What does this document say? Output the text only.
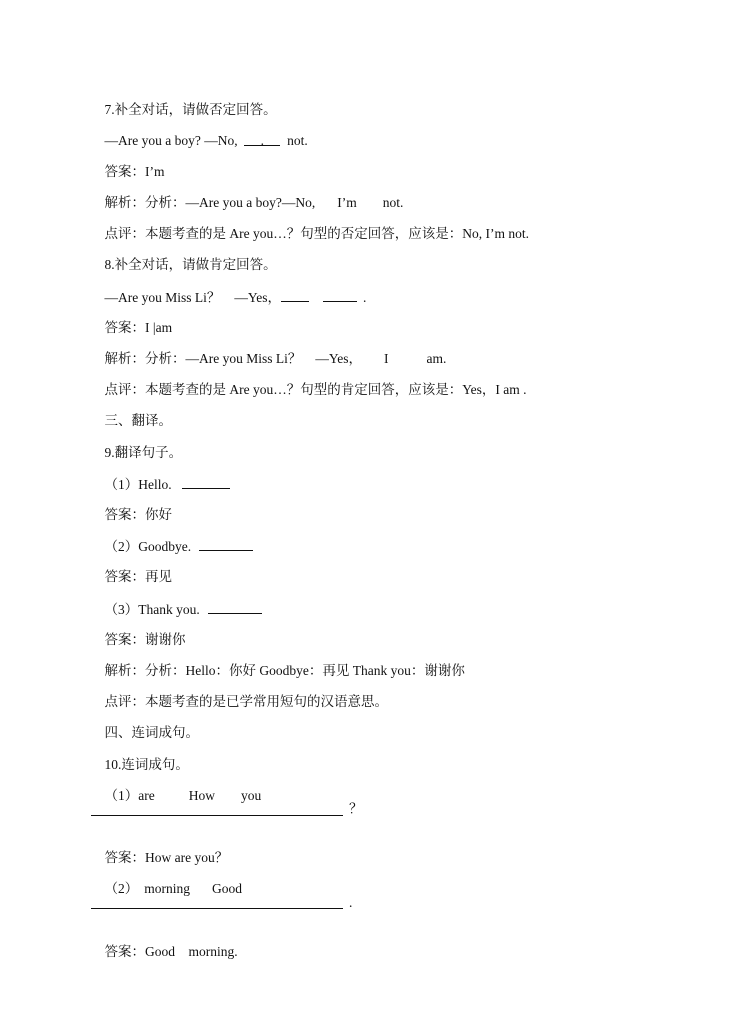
7.补全对话，请做否定回答。

—Are you a boy? —No, . not.

答案：I’m

解析：分析：—Are you a boy?—No, I’m not.

点评：本题考查的是 Are you…？句型的否定回答，应该是：No, I’m not.

8.补全对话，请做肯定回答。

—Are you Miss Li？ —Yes，	.

答案：I |am

解析：分析：—Are you Miss Li？ —Yes， I	am.

点评：本题考查的是 Are you…？句型的肯定回答，应该是：Yes，I am .

三、翻译。

9.翻译句子。

（1）Hello.

答案：你好

（2）Goodbye.

答案：再见

（3）Thank you.

答案：谢谢你

解析：分析：Hello：你好 Goodbye：再见 Thank you：谢谢你

点评：本题考查的是已学常用短句的汉语意思。

四、连词成句。

10.连词成句。

（1）are	How you

？

答案：How are you？

（2） morning Good

.

答案：Good    morning.
